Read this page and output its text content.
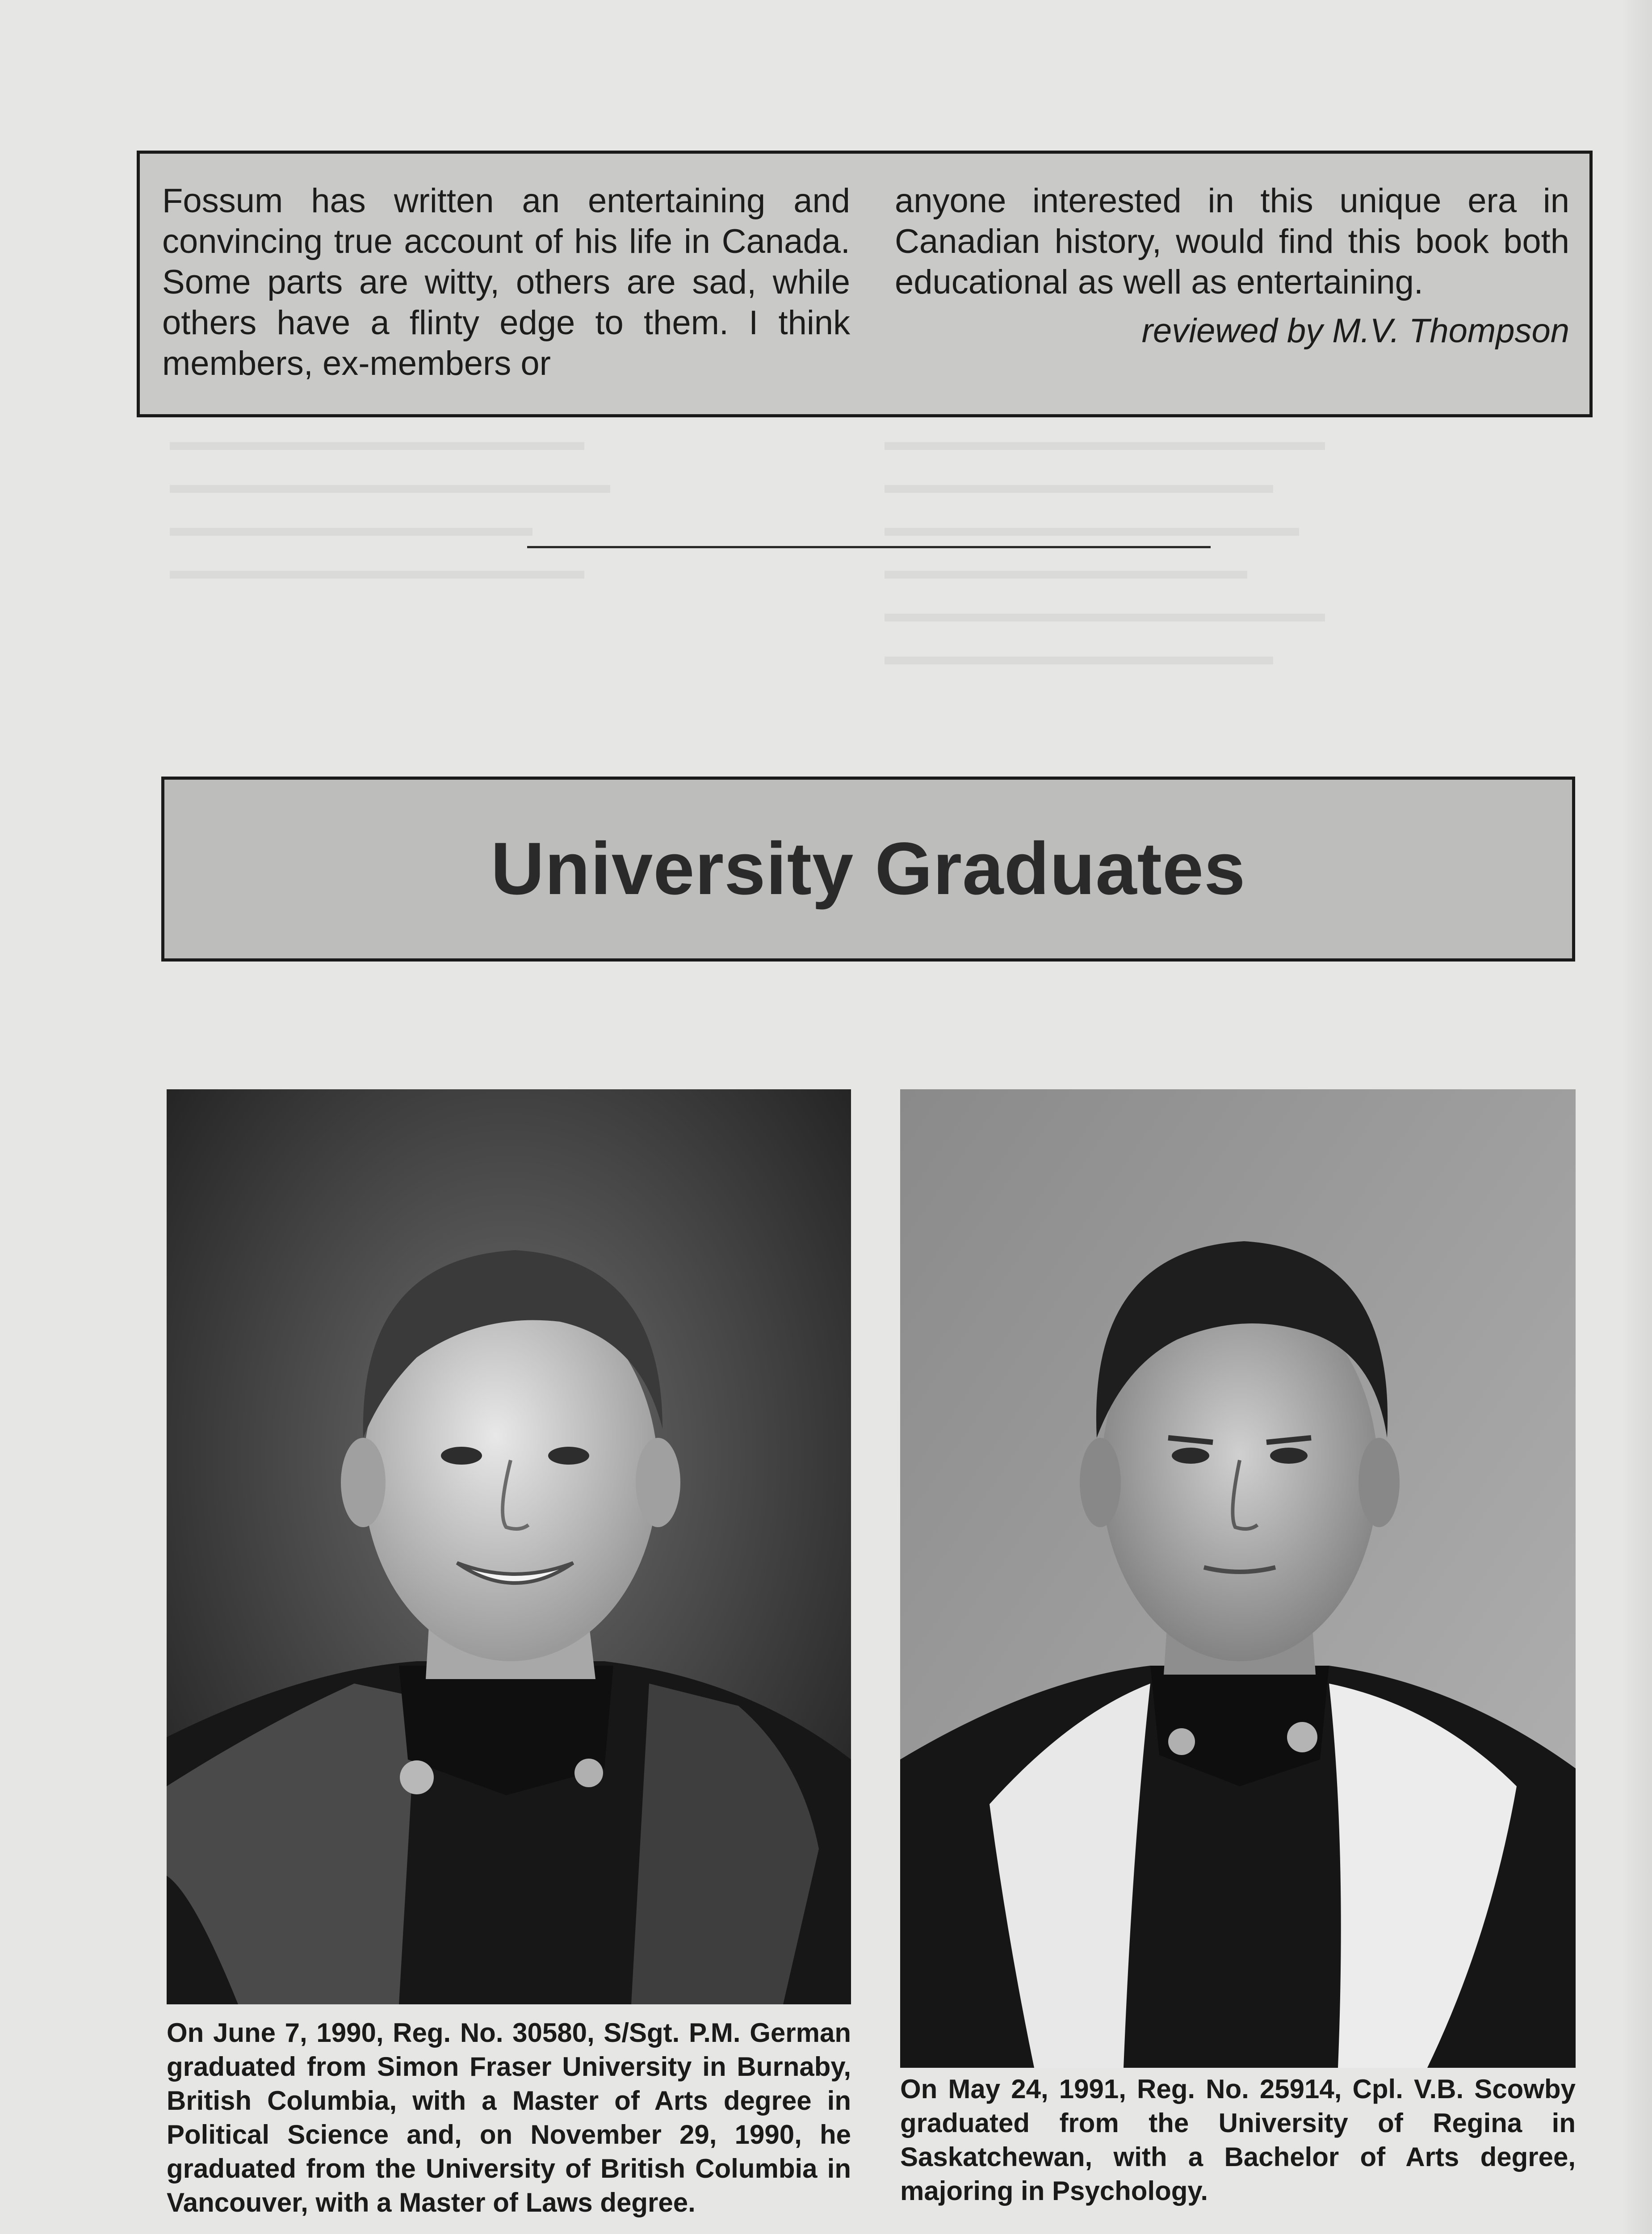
▬▬▬▬▬▬▬▬▬▬▬▬▬▬▬▬▬
▬▬▬▬▬▬▬▬▬▬▬▬▬▬▬
▬▬▬▬▬▬▬▬▬▬▬▬▬▬▬▬
▬▬▬▬▬▬▬▬▬▬▬▬▬▬
▬▬▬▬▬▬▬▬▬▬▬▬▬▬▬▬▬
▬▬▬▬▬▬▬▬▬▬▬▬▬▬▬
▬▬▬▬▬▬▬▬▬▬▬▬▬▬▬▬
▬▬▬▬▬▬▬▬▬▬▬▬▬▬▬▬▬
▬▬▬▬▬▬▬▬▬▬▬▬▬▬
▬▬▬▬▬▬▬▬▬▬▬▬▬▬▬▬
Fossum has written an entertaining and convincing true account of his life in Canada. Some parts are witty, others are sad, while others have a flinty edge to them. I think members, ex-members or
anyone interested in this unique era in Canadian history, would find this book both educational as well as entertaining.
reviewed by M.V. Thompson
University Graduates
On June 7, 1990, Reg. No. 30580, S/Sgt. P.M. German graduated from Simon Fraser University in Burnaby, British Columbia, with a Master of Arts degree in Political Science and, on November 29, 1990, he graduated from the University of British Columbia in Vancouver, with a Master of Laws degree.
On May 24, 1991, Reg. No. 25914, Cpl. V.B. Scowby graduated from the University of Regina in Saskatchewan, with a Bachelor of Arts degree, majoring in Psychology.
